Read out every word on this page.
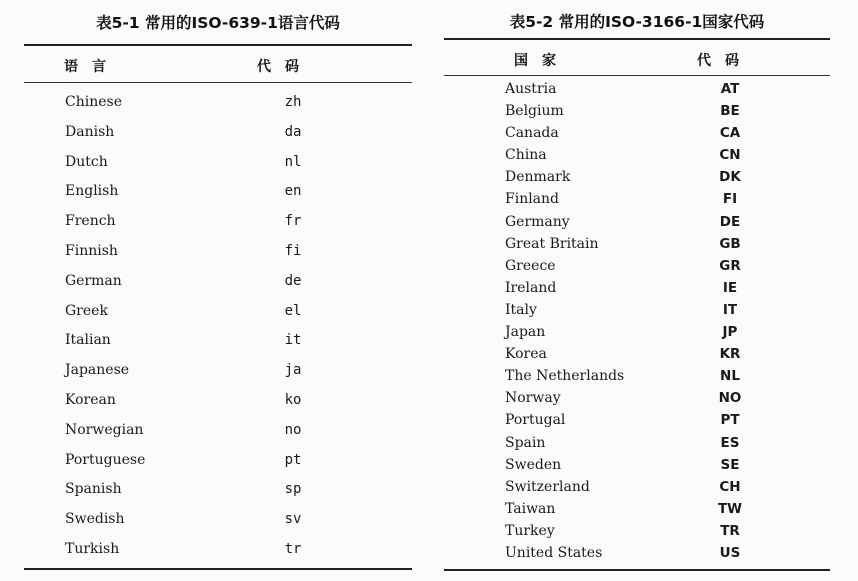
表5-1 常用的ISO-639-1语言代码
语言	代码
Chinese	zh
Danish	da
Dutch	nl
English	en
French	fr
Finnish	fi
German	de
Greek	el
Italian	it
Japanese	ja
Korean	ko
Norwegian	no
Portuguese	pt
Spanish	sp
Swedish	sv
Turkish	tr
表5-2 常用的ISO-3166-1国家代码
国家	代码
Austria	AT
Belgium	BE
Canada	CA
China	CN
Denmark	DK
Finland	FI
Germany	DE
Great Britain	GB
Greece	GR
Ireland	IE
Italy	IT
Japan	JP
Korea	KR
The Netherlands	NL
Norway	NO
Portugal	PT
Spain	ES
Sweden	SE
Switzerland	CH
Taiwan	TW
Turkey	TR
United States	US
